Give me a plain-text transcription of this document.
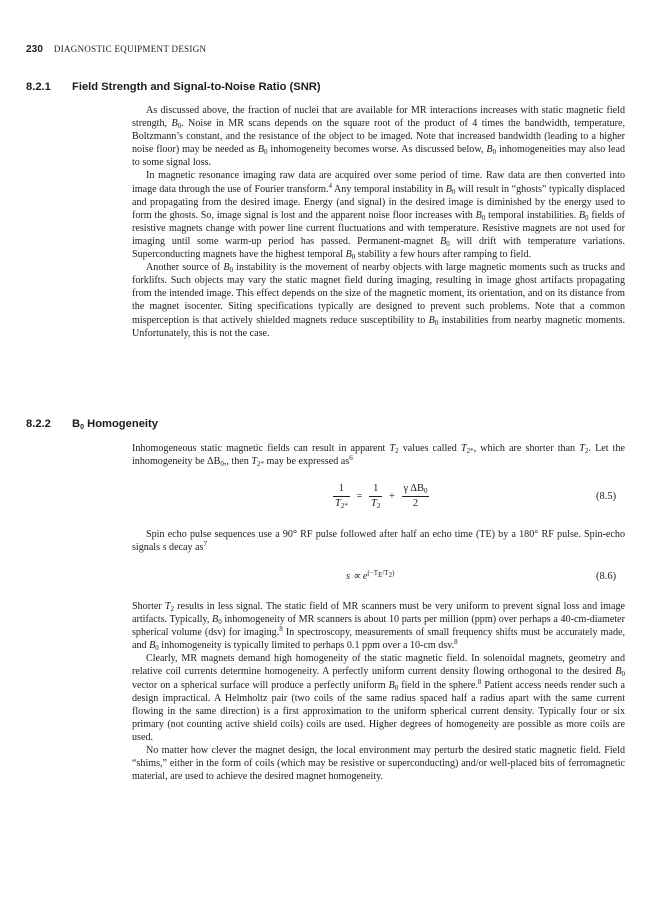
230 DIAGNOSTIC EQUIPMENT DESIGN
8.2.1 Field Strength and Signal-to-Noise Ratio (SNR)

As discussed above, the fraction of nuclei that are available for MR interactions increases with static magnetic field strength, $B_0$. Noise in MR scans depends on the square root of the product of 4 times the bandwidth, temperature, Boltzmann’s constant, and the resistance of the object to be imaged. Note that increased bandwidth (leading to a higher noise floor) may be needed as $B_0$ inhomogeneity becomes worse. As discussed below, $B_0$ inhomogeneities may also lead to some signal loss.

In magnetic resonance imaging raw data are acquired over some period of time. Raw data are then converted into image data through the use of Fourier transform.$^4$ Any temporal instability in $B_0$ will result in “ghosts” typically displaced and propagating from the desired image. Energy (and signal) in the desired image is diminished by the energy used to form the ghosts. So, image signal is lost and the apparent noise floor increases with $B_0$ temporal instabilities. $B_0$ fields of resistive magnets change with power line current fluctuations and with temperature. Resistive magnets are not used for imaging until some warm-up period has passed. Permanent-magnet $B_0$ will drift with temperature variations. Superconducting magnets have the highest temporal $B_0$ stability a few hours after ramping to field.

Another source of $B_0$ instability is the movement of nearby objects with large magnetic moments such as trucks and forklifts. Such objects may vary the static magnet field during imaging, resulting in image ghost artifacts propagating from the intended image. This effect depends on the size of the magnetic moment, its orientation, and on its distance from the magnet isocenter. Siting specifications typically are designed to prevent such problems. Note that a common misperception is that actively shielded magnets reduce susceptibility to $B_0$ instabilities from nearby magnetic moments. Unfortunately, this is not the case.

8.2.2 $B_0$ Homogeneity

Inhomogeneous static magnetic fields can result in apparent $T_2$ values called $T_{2*}$, which are shorter than $T_2$. Let the inhomogeneity be $\Delta B_0$,, then $T_{2*}$ may be expressed $as^6$

$\frac{1}{T_{2*}} = \frac{1}{T_2} + \frac{\gamma \Delta B_0}{2}$	(8.5)

Spin echo pulse sequences use a 90° RF pulse followed after half an echo time (TE) by a 180° RF pulse. Spin-echo signals s decay $as^7$

$s \propto e^{(-T_E/T_2)}$	(8.6)

Shorter $T_2$ results in less signal. The static field of MR scanners must be very uniform to prevent signal loss and image artifacts. Typically, $B_0$ inhomogeneity of MR scanners is about 10 parts per million (ppm) over perhaps a 40-cm-diameter spherical volume (dsv) for imaging.$^8$ In spectroscopy, measurements of small frequency shifts must be accurately made, and $B_0$ inhomogeneity is typically limited to perhaps 0.1 ppm over a 10-cm dsv.$^8$

Clearly, MR magnets demand high homogeneity of the static magnetic field. In solenoidal magnets, geometry and relative coil currents determine homogeneity. A perfectly uniform current density flowing orthogonal to the desired $B_0$ vector on a spherical surface will produce a perfectly uniform $B_0$ field in the sphere.$^8$ Patient access needs render such a design impractical. A Helmholtz pair (two coils of the same radius spaced half a radius apart with the same current flowing in the same direction) is a first approximation to the uniform spherical current density. Typically four or six primary (not counting active shield coils) coils are used. Higher degrees of homogeneity are possible as more coils are used.

No matter how clever the magnet design, the local environment may perturb the desired static magnetic field. Field “shims,” either in the form of coils (which may be resistive or superconducting) and/or well-placed bits of ferromagnetic material, are used to achieve the desired magnet homogeneity.
